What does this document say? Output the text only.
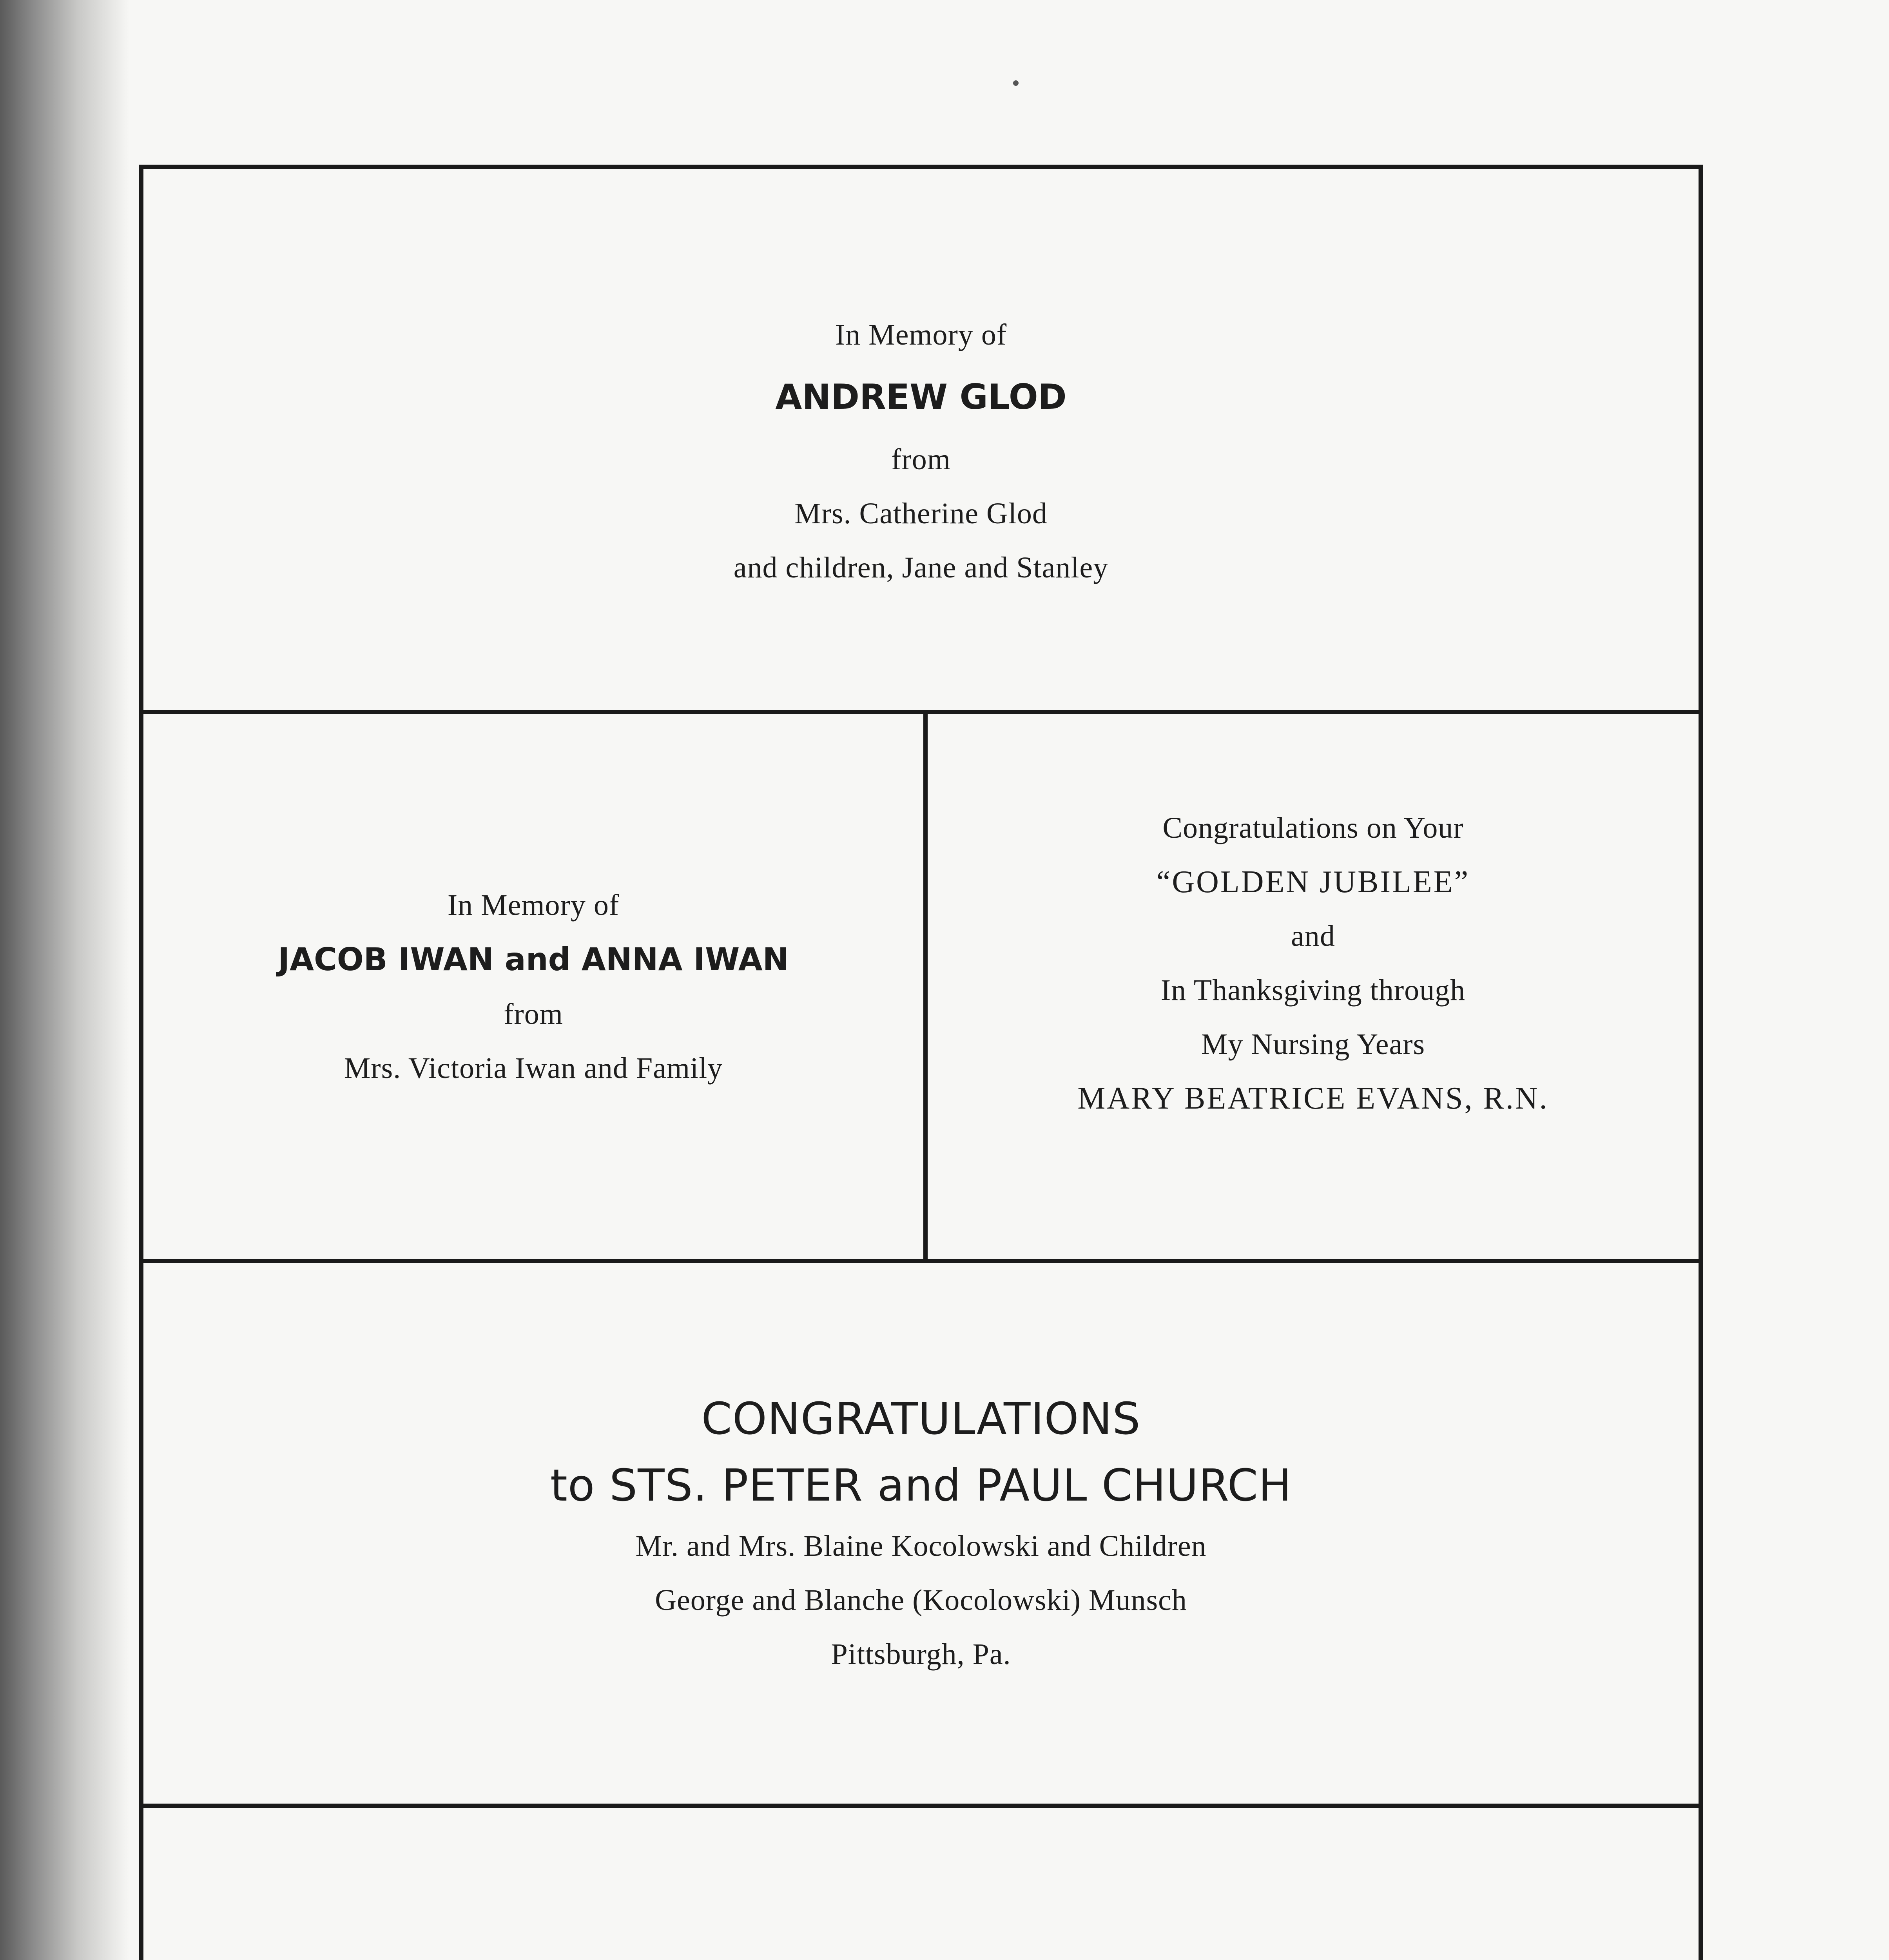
In Memory of
ANDREW GLOD
from
Mrs. Catherine Glod
and children, Jane and Stanley
In Memory of
JACOB IWAN and ANNA IWAN
from
Mrs. Victoria Iwan and Family
Congratulations on Your
“GOLDEN JUBILEE”
and
In Thanksgiving through
My Nursing Years
MARY BEATRICE EVANS, R.N.
CONGRATULATIONS
to STS. PETER and PAUL CHURCH
Mr. and Mrs. Blaine Kocolowski and Children
George and Blanche (Kocolowski) Munsch
Pittsburgh, Pa.
